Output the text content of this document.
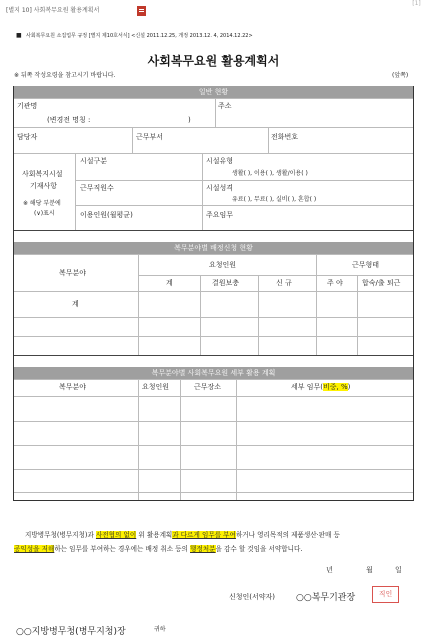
[별지 10] 사회복무요원 활용계획서
[1]
■ 사회복무요원 소집업무 규정 [별지 제10호서식] <신설 2011.12.25, 개정 2013.12. 4, 2014.12.22>
사회복무요원 활용계획서
※ 뒤쪽 작성요령을 참고시기 바랍니다.	(앞쪽)
일반 현황
기관명
(변경전 명칭 :	)
주소
담당자	근무부서	전화번호
사회복지시설
기재사항
※ 해당 부분에
(∨)표시
시설구분	시설유형
생활( ), 이용( ), 생활/이용( )
근무직원수	시설성격
유료( ), 무료( ), 실비( ), 혼합( )
이용인원(월평균)	주요임무
복무분야별 배정신청 현황
복무분야
요청인원	근무형태
계	결원보충	신 규	주 야	합숙/출 퇴근
계
복무분야별 사회복무요원 세부 활용 계획
복무분야	요청인원	근무장소	세부 임무(비중, %)
지방병무청(병무지청)과 사전협의 없이 위 활용계획과 다르게 임무를 부여하거나 영리목적의 제품생산·판매 등
공익성을 저해하는 임무를 부여하는 경우에는 배정 취소 등의 행정처분을 감수 할 것임을 서약합니다.
년	월	일
신청인(서약자) ○○복무기관장	직인
○○지방병무청(병무지청)장	귀하
